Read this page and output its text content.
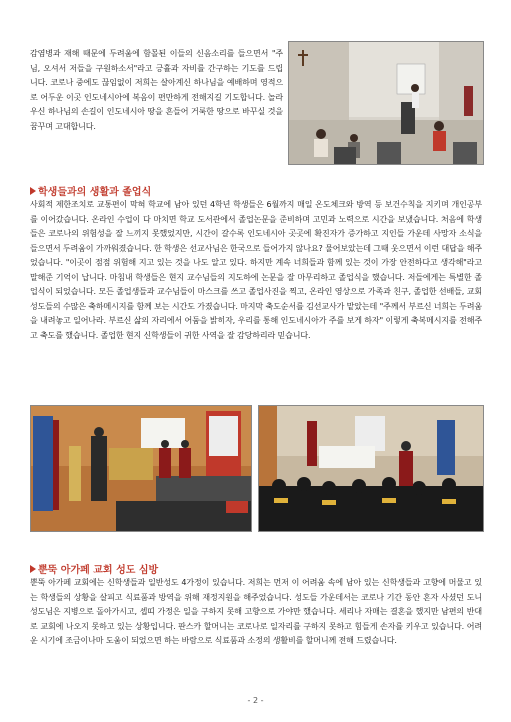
감염병과 재해 때문에 두려움에 함몰된 이들의 신음소리를 들으면서 "주님, 오셔서 저들을 구원하소서"라고 긍휼과 자비를 간구하는 기도를 드립니다. 코로나 중에도 끊임없이 저희는 살아계신 하나님을 예배하며 영적으로 어두운 이곳 인도네시아에 복음이 편만하게 전해지길 기도합니다. 놀라우신 하나님의 손길이 인도네시아 땅을 흔들어 거룩한 땅으로 바꾸실 것을 꿈꾸며 고대합니다.

학생들과의 생활과 졸업식

사회적 제한조치로 교통편이 막혀 학교에 남아 있던 4학년 학생들은 6월까지 매일 온도체크와 방역 등 보건수칙을 지키며 개인공부를 이어갔습니다. 온라인 수업이 다 마치면 학교 도서관에서 졸업논문을 준비하며 고민과 노력으로 시간을 보냈습니다. 처음에 학생들은 코로나의 위험성을 잘 느끼지 못했었지만, 시간이 갈수록 인도네시아 곳곳에 확진자가 증가하고 지인들 가운데 사망자 소식을 들으면서 두려움이 가까워졌습니다. 한 학생은 선교사님은 한국으로 들어가지 않나요? 물어보았는데 그때 웃으면서 이런 대답을 해주었습니다. "이곳이 점점 위험해 지고 있는 것을 나도 알고 있다. 하지만 계속 너희들과 함께 있는 것이 가장 안전하다고 생각해"라고 말해준 기억이 납니다. 마침내 학생들은 현지 교수님들의 지도하에 논문을 잘 마무리하고 졸업식을 했습니다. 저들에게는 특별한 졸업식이 되었습니다. 모든 졸업생들과 교수님들이 마스크를 쓰고 졸업사진을 찍고, 온라인 영상으로 가족과 친구, 졸업한 선배들, 교회성도들의 수많은 축하메시지를 함께 보는 시간도 가졌습니다. 마지막 축도순서를 김선교사가 맡았는데 "주께서 부르신 너희는 두려움을 내려놓고 일어나라. 부르신 삶의 자리에서 어둠을 밝히자, 우리를 통해 인도네시아가 주를 보게 하자" 이렇게 축복메시지를 전해주고 축도를 했습니다. 졸업한 현지 신학생들이 귀한 사역을 잘 감당하리라 믿습니다.

뿐뚝 아가페 교회 성도 심방

뿐뚝 아가페 교회에는 신학생들과 일반성도 4가정이 있습니다. 저희는 먼저 이 어려움 속에 남아 있는 신학생들과 고향에 머물고 있는 학생들의 상황을 살피고 식료품과 방역을 위해 재정지원을 해주었습니다. 성도들 가운데서는 코로나 기간 동안 혼자 사셨던 도니 성도님은 지병으로 돌아가시고, 셉띠 가정은 일을 구하지 못해 고향으로 가야만 했습니다. 세리나 자매는 결혼을 했지만 남편의 반대로 교회에 나오지 못하고 있는 상황입니다. 판스카 할머니는 코로나로 일자리를 구하지 못하고 힘들게 손자를 키우고 있습니다. 어려운 시기에 조금이나마 도움이 되었으면 하는 바람으로 식료품과 소정의 생활비를 할머니께 전해 드렸습니다.

- 2 -
